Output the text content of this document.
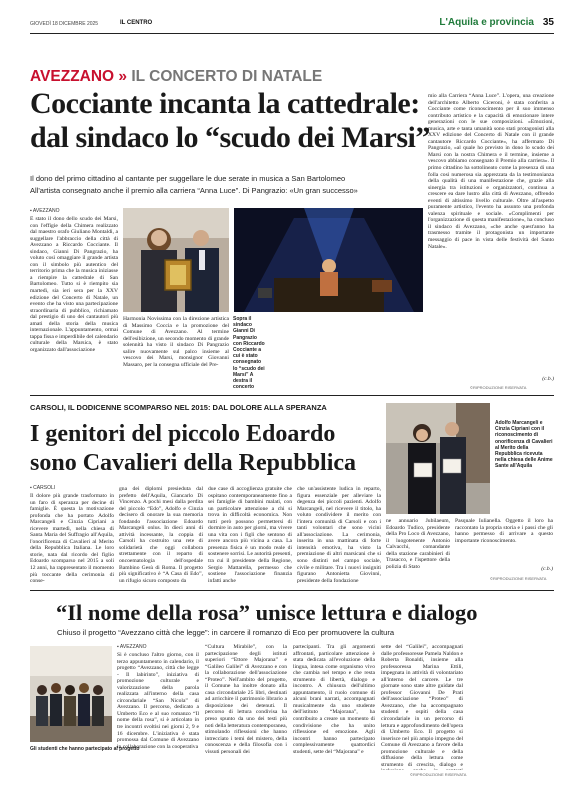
GIOVEDÌ 18 DICEMBRE 2025	IL CENTRO	L'Aquila e provincia 35
AVEZZANO » IL CONCERTO DI NATALE
Cocciante incanta la cattedrale:
dal sindaco lo “scudo dei Marsi”
Il dono del primo cittadino al cantante per suggellare le due serate in musica a San Bartolomeo
All'artista consegnato anche il premio alla carriera “Anna Luce”. Di Pangrazio: «Un gran successo»
▪ AVEZZANO
È stato il dono dello scudo dei Marsi, con l'effigie della Chimera realizzato dal maestro orafo Giuliano Montaldi, a suggellare l'abbraccio della città di Avezzano a Riccardo Cocciante. Il sindaco, Gianni Di Pangrazio, ha voluto così omaggiare il grande artista con il simbolo più autentico del territorio prima che la musica iniziasse a riempire la cattedrale di San Bartolomeo. Tutto si è riempito sia martedì, sia ieri sera per la XXV edizione del Concerto di Natale, un evento che ha visto una partecipazione straordinaria di pubblico, richiamato dal prestigio di uno dei cantautori più amati della storia della musica internazionale. L'appuntamento, ormai tappa fissa e imperdibile del calendario culturale della Marsica, è stato organizzato dall'associazione
Harmonia Novissima con la direzione artistica di Massimo Coccia e la promozione del Comune di Avezzano. Al termine dell'esibizione, un secondo momento di grande solennità ha visto il sindaco Di Pangrazio salire nuovamente sul palco insieme al vescovo dei Marsi, monsignor Giovanni Massaro, per la consegna ufficiale del Pre-
Sopra il sindaco Gianni Di Pangrazio con Riccardo Cocciante a cui è stato consegnato lo “scudo dei Marsi” A destra il concerto
mio alla Carriera “Anna Luce”. L'opera, una creazione dell'architetto Alberto Ciceroni, è stata conferita a Cocciante come riconoscimento per il suo immenso contributo artistico e la capacità di emozionare intere generazioni con le sue composizioni. «Emozioni, musica, arte e tanta umanità sono stati protagonisti alla XXV edizione del Concerto di Natale con il grande cantautore Riccardo Cocciante», ha affermato Di Pangrazio, «al quale ho previsto in dono lo scudo dei Marsi con la nostra Chimera e il termine, insieme a vescovo abbiamo consegnato il Premio alla carriera». Il primo cittadino ha sottolineato come la presenza di una folla così numerosa sia apprezzata da la testimonianza della qualità di una manifestazione che, grazie alla sinergia tra istituzioni e organizzatori, continua a crescere ea dare lustro alla città di Avezzano, offrendo eventi di altissimo livello culturale. Oltre all'aspetto puramente artistico, l'evento ha assunto una profonda valenza spirituale e sociale. «Complimenti per l'organizzazione di questa manifestazione», ha concluso il sindaco di Avezzano, «che anche quest'anno ha trasmesso tramite il protagonista un importante messaggio di pace in vista delle festività del Santo Natale».
(c.b.)
©RIPRODUZIONE RISERVATA
CARSOLI, IL DODICENNE SCOMPARSO NEL 2015: DAL DOLORE ALLA SPERANZA
I genitori del piccolo Edoardo
sono Cavalieri della Repubblica
▪ CARSOLI
Il dolore più grande trasformato in un faro di speranza per decine di famiglie. È questa la motivazione profonda che ha portato Adolfo Marcangeli e Cinzia Cipriani a ricevere martedì, nella chiesa di Santa Maria del Suffragio all'Aquila, l'onorificenza di Cavalieri al Merito della Repubblica Italiana. Le loro storie, nata dal ricordo del figlio Edoardo scomparso nel 2015 a soli 12 anni, ha rappresentato il momento più toccante della cerimonia di conse-
gna dei diplomi presieduta dal prefetto dell'Aquila, Giancarlo Di Vincenzo. A pochi mesi dalla perdita del piccolo “Edo”, Adolfo e Cinzia decisero di onorare la sua memoria fondando l'associazione Edoardo Marcangeli onlus. In dieci anni di attività incessante, la coppia di Carsoli ha costruito una rete di solidarietà che oggi collabora strettamente con il reparto di oncoematologia dell'ospedale Bambino Gesù di Roma. Il progetto più significativo è “A Casa di Edo”, un rifugio sicuro composto da
due case di accoglienza gratuite che ospitano contemporaneamente fino a sei famiglie di bambini malati, con un particolare attenzione a chi si trova in difficoltà economica. Non tutti però possono permettersi di dormire in auto per giorni, ma vivere una vita con i figli che sentono di avere ancora più vicina a casa. La presenza fisica è un modo reale di sostenere sorrisi. Le autorità presenti, tra cui il presidente della Regione, Sergio Mattarella, permesso che sostiene l'associazione finanzia infatti anche
che un'assistente ludica in reparto, figura essenziale per alleviare la degenza dei piccoli pazienti. Adolfo Marcangeli, nel ricevere il titolo, ha voluto condividere il merito con l'intera comunità di Carsoli e con i tanti volontari che sono vicini all'associazione. La cerimonia, inserita in una mattinata di forte intensità emotiva, ha visto la premiazione di altri marsicani che si sono distinti nel campo sociale, civile e militare. Tra i nuovi insigniti figurano Antonietta Giovinni, presidente della fondazione
Adolfo Marcangeli e Cinzia Cipriani con il riconoscimento di onorificenza di Cavalieri al Merito della Repubblica ricevuta nella chiesa delle Anime Sante all'Aquila
ne annuario Jubilaeum, Edoardo Tudico, presidente della Pro Loco di Avezzano, il luogotenente Antonio Calvacchi, comandante della stazione carabinieri di Trasacco, e l'ispettore della polizia di Stato
Pasquale Iulianella. Oggetto il loro ha raccontato la propria storia e i passi che gli hanno permesso di arrivare a questo importante riconoscimento.
(c.b.)
©RIPRODUZIONE RISERVATA
“Il nome della rosa” unisce lettura e dialogo
Chiuso il progetto “Avezzano città che legge”: in carcere il romanzo di Eco per promuovere la cultura
Gli studenti che hanno partecipato al progetto
▪ AVEZZANO
Si è concluso l'altro giorno, con il terzo appuntamento in calendario, il progetto “Avezzano, città che legge - Il labirinto”, iniziativa di promozione culturale e valorizzazione della parola realizzata all'interno della casa circondariale “San Nicola” di Avezzano. Il percorso, dedicato a Umberto Eco e al suo romanzo “Il nome della rosa”, si è articolato in tre incontri svoltisi nei giorni 2, 9 e 16 dicembre. L'iniziativa è stata promossa dal Comune di Avezzano in collaborazione con la cooperativa
“Cultura Mirabile”, con la partecipazione degli istituti superiori “Ettore Majorana” e “Galileo Galilei” di Avezzano e con la collaborazione dell'associazione “Proteo”. Nell'ambito del progetto, il Comune ha inoltre donato alla casa circondariale 25 libri, destinati ad arricchire il patrimonio librario a disposizione dei detenuti. Il percorso di lettura condivisa ha preso spunto da uno dei testi più noti della letteratura contemporanea, stimolando riflessioni che hanno intrecciato i temi del mistero, della conoscenza e della filosofia con i vissuti personali dei
partecipanti. Tra gli argomenti affrontati, particolare attenzione è stata dedicata all'evoluzione della lingua, intesa come organismo vivo che cambia nel tempo e che resta strumento di libertà, dialogo e incontro. A chiusura dell'ultimo appuntamento, il ruolo comune di alcuni brani narrati, accompagnati musicalmente da uno studente dell'istituto “Majorana”, ha contribuito a creare un momento di condivisione che ha unito riflessione ed emozione. Agli incontri hanno partecipato complessivamente quattordici studenti, sette del “Majorana” e
sette del “Galilei”, accompagnati dalle professoresse Pamela Naldon e Roberta Bonaldi, insieme alla professoressa Marina Ettili, impegnata in attività di volontariato all'interno del carcere. Le tre giornate sono state altre guidate dal professor Giovanni De Prati dell'associazione “Proteo” di Avezzano, che ha accompagnato studenti e ospiti della casa circondariale in un percorso di lettura e approfondimento dell'opera di Umberto Eco. Il progetto si inserisce nel più ampio impegno del Comune di Avezzano a favore della promozione culturale e della diffusione della lettura come strumento di crescita, dialogo e
©RIPRODUZIONE RISERVATA
